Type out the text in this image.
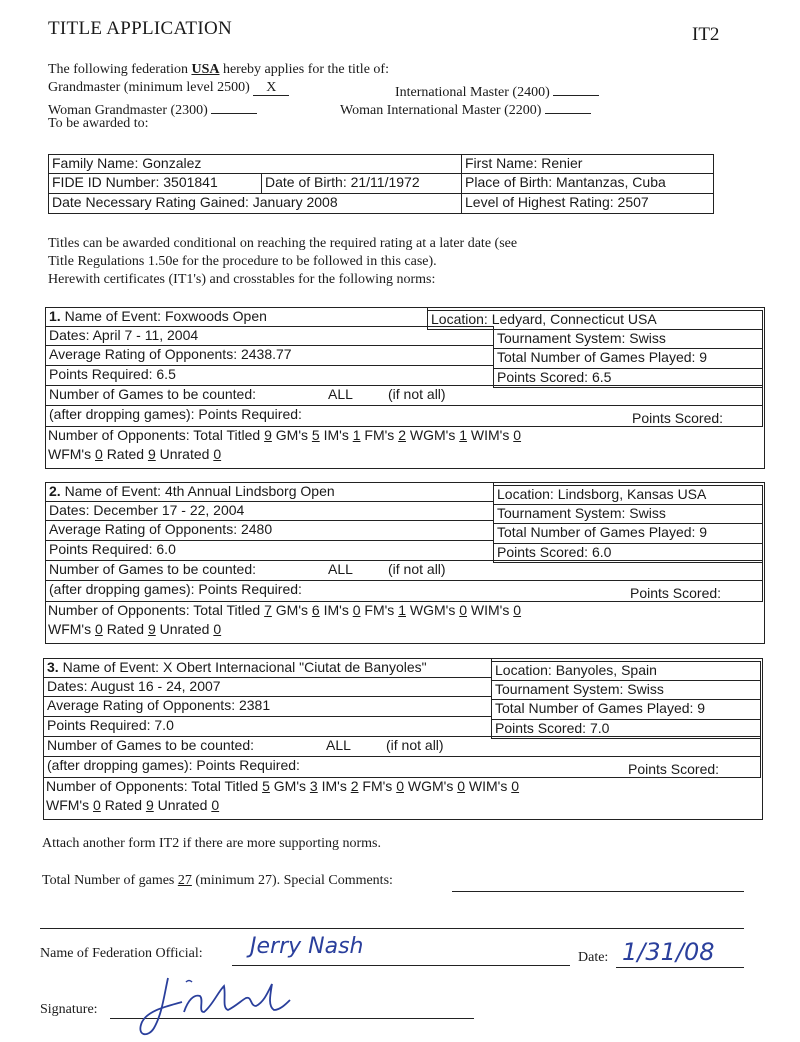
TITLE APPLICATION	IT2
The following federation USA hereby applies for the title of:
Grandmaster (minimum level 2500) X	International Master (2400)
Woman Grandmaster (2300)	Woman International Master (2200)
To be awarded to:
Family Name: Gonzalez	First Name: Renier
FIDE ID Number: 3501841	Date of Birth: 21/11/1972	Place of Birth: Mantanzas, Cuba
Date Necessary Rating Gained: January 2008	Level of Highest Rating: 2507
Titles can be awarded conditional on reaching the required rating at a later date (see
Title Regulations 1.50e for the procedure to be followed in this case).
Herewith certificates (IT1's) and crosstables for the following norms:
1. Name of Event: Foxwoods Open	Location: Ledyard, Connecticut USA
Dates: April 7 - 11, 2004	Tournament System: Swiss
Average Rating of Opponents: 2438.77	Total Number of Games Played: 9
Points Required: 6.5	Points Scored: 6.5
Number of Games to be counted:	ALL	(if not all)
(after dropping games): Points Required:	Points Scored:
Number of Opponents: Total Titled 9 GM's 5 IM's 1 FM's 2 WGM's 1 WIM's 0
WFM's 0 Rated 9 Unrated 0
2. Name of Event: 4th Annual Lindsborg Open	Location: Lindsborg, Kansas USA
Dates: December 17 - 22, 2004	Tournament System: Swiss
Average Rating of Opponents: 2480	Total Number of Games Played: 9
Points Required: 6.0	Points Scored: 6.0
Number of Games to be counted:	ALL	(if not all)
(after dropping games): Points Required:	Points Scored:
Number of Opponents: Total Titled 7 GM's 6 IM's 0 FM's 1 WGM's 0 WIM's 0
WFM's 0 Rated 9 Unrated 0
3. Name of Event: X Obert Internacional "Ciutat de Banyoles"	Location: Banyoles, Spain
Dates: August 16 - 24, 2007	Tournament System: Swiss
Average Rating of Opponents: 2381	Total Number of Games Played: 9
Points Required: 7.0	Points Scored: 7.0
Number of Games to be counted:	ALL	(if not all)
(after dropping games): Points Required:	Points Scored:
Number of Opponents: Total Titled 5 GM's 3 IM's 2 FM's 0 WGM's 0 WIM's 0
WFM's 0 Rated 9 Unrated 0
Attach another form IT2 if there are more supporting norms.
Total Number of games 27 (minimum 27). Special Comments:
Name of Federation Official: Jerry Nash	Date: 1/31/08
Signature:
